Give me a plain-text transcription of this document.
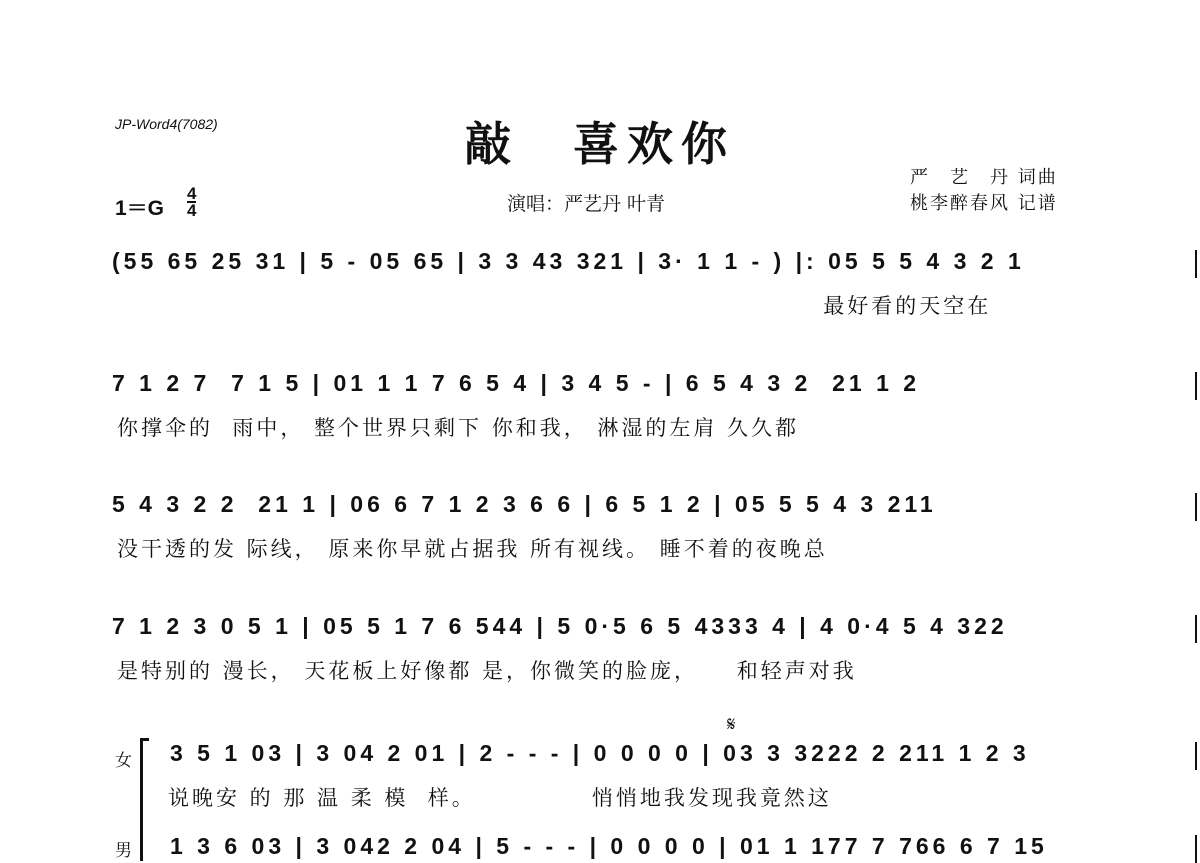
JP-Word4(7082)	敲　喜欢你
1＝G
4
4	演唱：严艺丹 叶青
严　艺　丹 词曲
桃李醉春风 记谱
(55 65 25 31 | 5 - 05 65 | 3 3 43 321 | 3· 1 1 - ) |: 05 5 5 4 3 2 1
最好看的天空在
7 1 2 7  7 1 5 | 01 1 1 7 6 5 4 | 3 4 5 - | 6 5 4 3 2  21 1 2
你撑伞的  雨中， 整个世界只剩下 你和我， 淋湿的左肩 久久都
5 4 3 2 2  21 1 | 06 6 7 1 2 3 6 6 | 6 5 1 2 | 05 5 5 4 3 211
没干透的发 际线， 原来你早就占据我 所有视线。 睡不着的夜晚总
7 1 2 3 0 5 1 | 05 5 1 7 6 544 | 5 0·5 6 5 4333 4 | 4 0·4 5 4 322
是特别的 漫长， 天花板上好像都 是，你微笑的脸庞，    和轻声对我
女
𝄋
3 5 1 03 | 3 04 2 01 | 2 - - - | 0 0 0 0 | 03 3 3222 2 211 1 2 3
说晚安 的 那 温 柔 模  样。            悄悄地我发现我竟然这
男 1 3 6 03 | 3 042 2 04 | 5 - - - | 0 0 0 0 | 01 1 177 7 766 6 7 15
